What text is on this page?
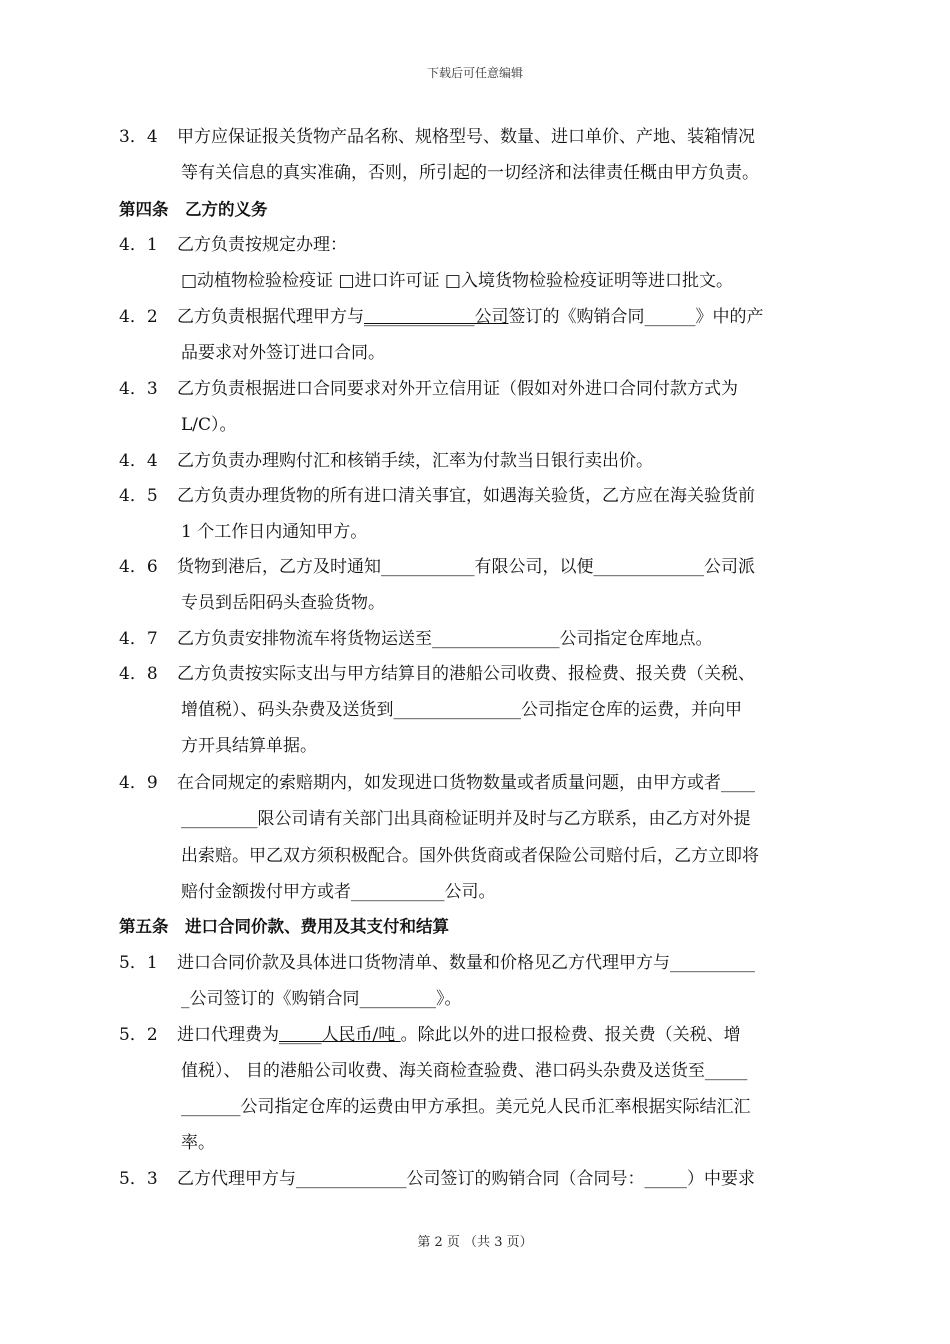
下载后可任意编辑
3．4 甲方应保证报关货物产品名称、规格型号、数量、进口单价、产地、装箱情况
等有关信息的真实准确，否则，所引起的一切经济和法律责任概由甲方负责。
第四条　乙方的义务
4．1 乙方负责按规定办理：
□动植物检验检疫证 □进口许可证 □入境货物检验检疫证明等进口批文。
4．2 乙方负责根据代理甲方与_____________公司签订的《购销合同______》中的产
品要求对外签订进口合同。
4．3 乙方负责根据进口合同要求对外开立信用证（假如对外进口合同付款方式为
L/C）。
4．4 乙方负责办理购付汇和核销手续，汇率为付款当日银行卖出价。
4．5 乙方负责办理货物的所有进口清关事宜，如遇海关验货，乙方应在海关验货前
1 个工作日内通知甲方。
4．6 货物到港后，乙方及时通知___________有限公司，以便_____________公司派
专员到岳阳码头查验货物。
4．7 乙方负责安排物流车将货物运送至_______________公司指定仓库地点。
4．8 乙方负责按实际支出与甲方结算目的港船公司收费、报检费、报关费（关税、
增值税）、码头杂费及送货到_______________公司指定仓库的运费，并向甲
方开具结算单据。
4．9 在合同规定的索赔期内，如发现进口货物数量或者质量问题，由甲方或者____
_________限公司请有关部门出具商检证明并及时与乙方联系，由乙方对外提
出索赔。甲乙双方须积极配合。国外供货商或者保险公司赔付后，乙方立即将
赔付金额拨付甲方或者___________公司。
第五条　进口合同价款、费用及其支付和结算
5．1 进口合同价款及具体进口货物清单、数量和价格见乙方代理甲方与__________
_公司签订的《购销合同_________》。
5．2 进口代理费为_____人民币/吨 。除此以外的进口报检费、报关费（关税、增
值税）、 目的港船公司收费、海关商检查验费、港口码头杂费及送货至_____
_______公司指定仓库的运费由甲方承担。美元兑人民币汇率根据实际结汇汇
率。
5．3 乙方代理甲方与_____________公司签订的购销合同（合同号：_____）中要求
第 2 页 （共 3 页）
